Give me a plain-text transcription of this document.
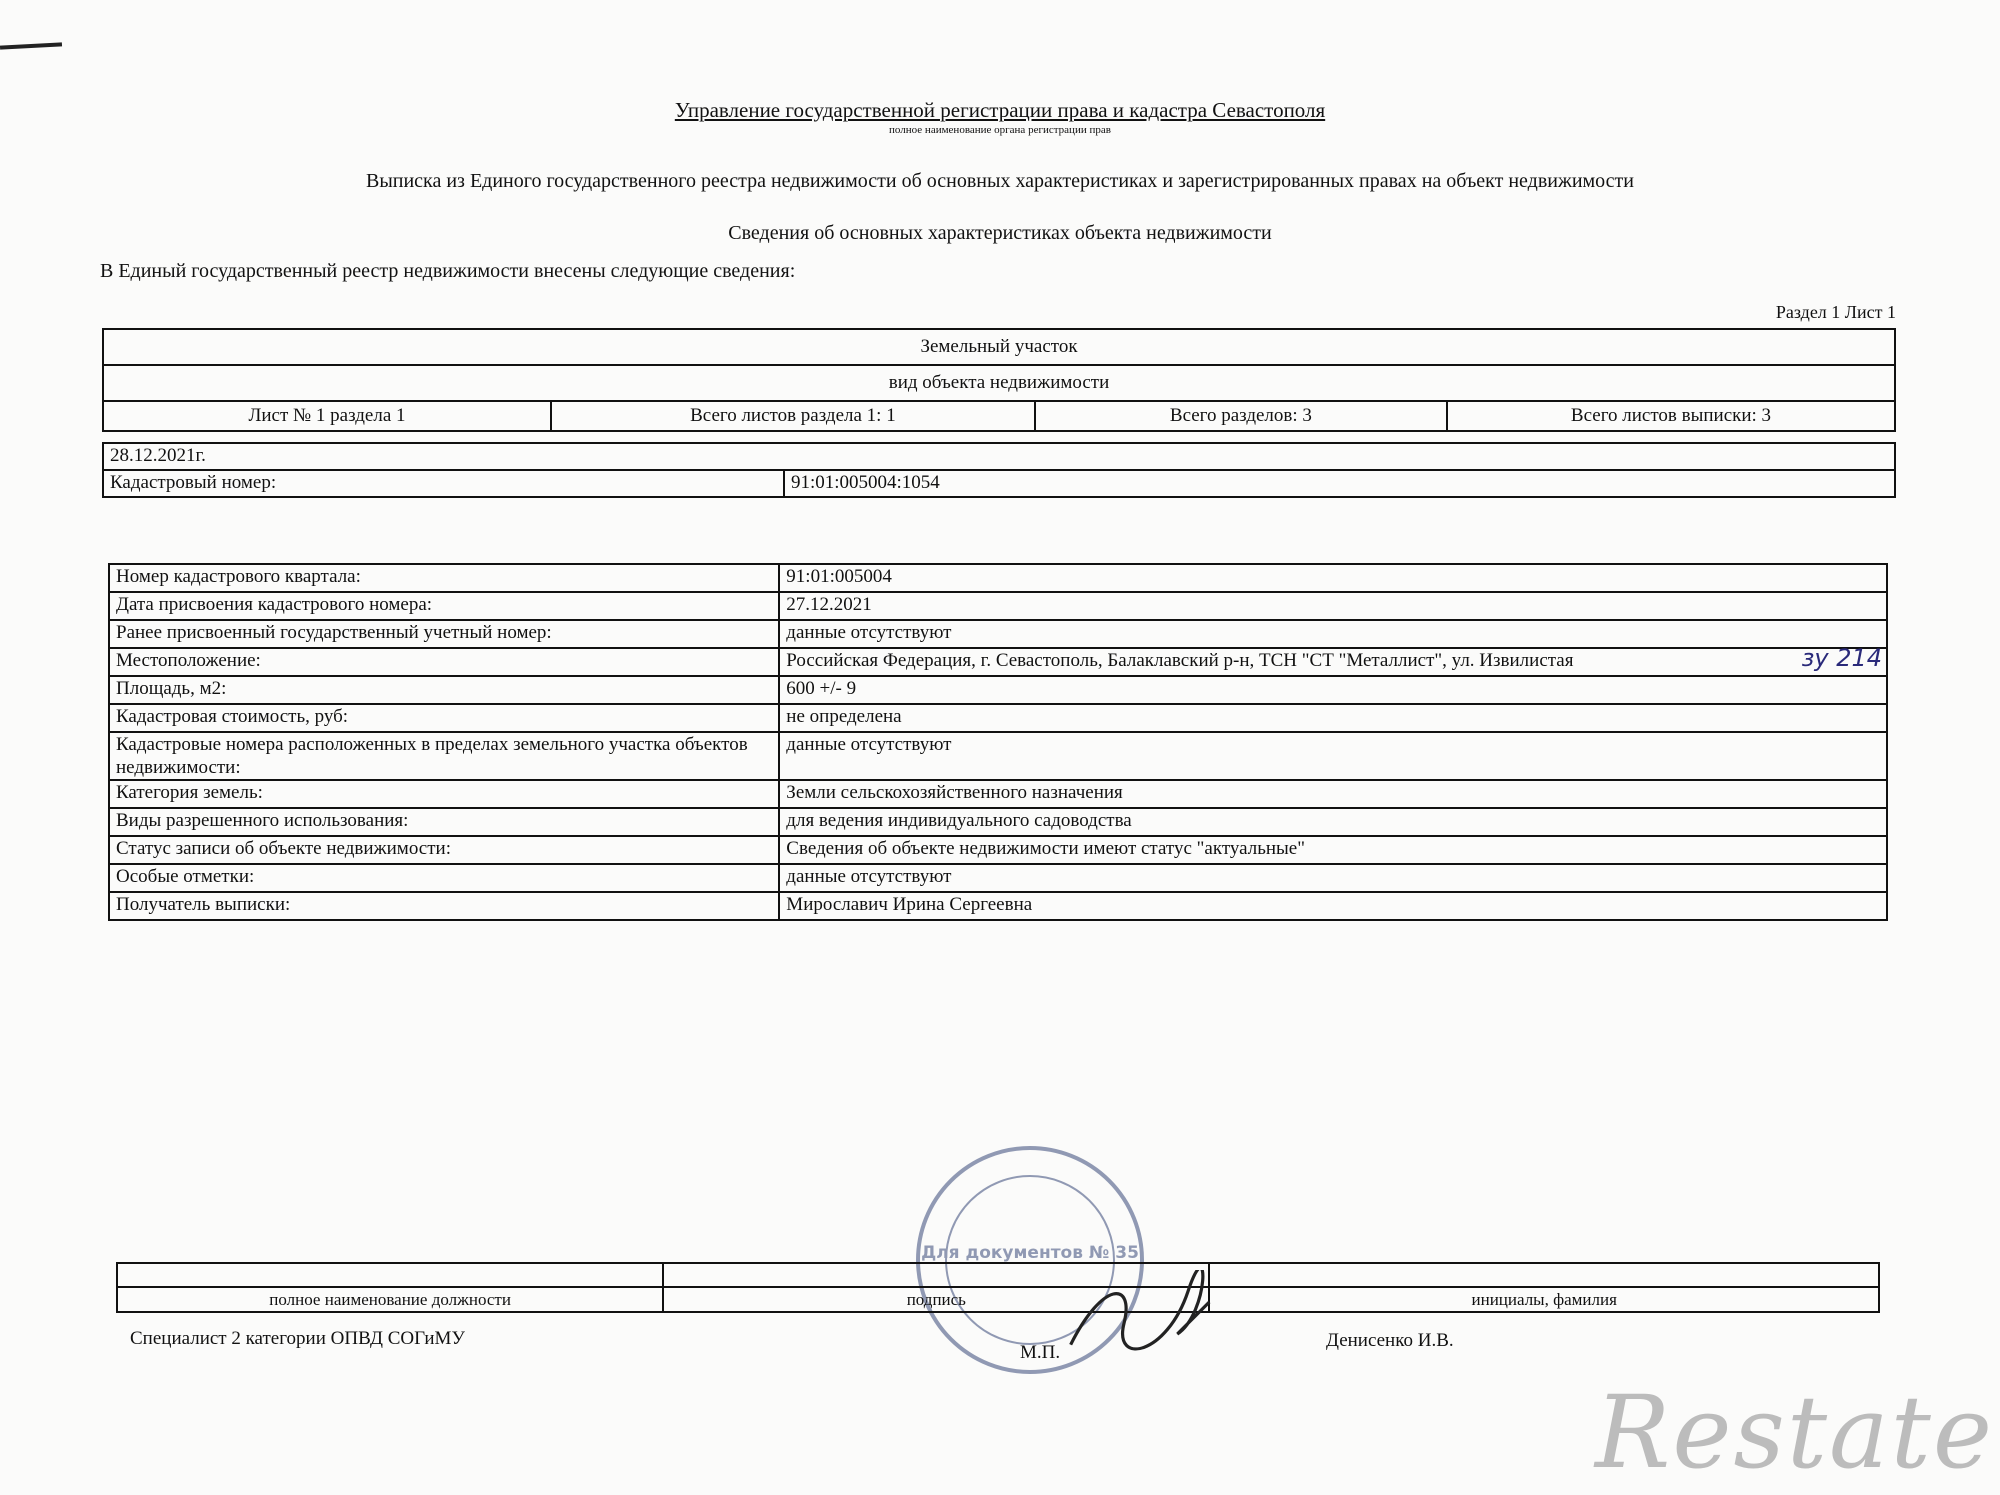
Управление государственной регистрации права и кадастра Севастополя
полное наименование органа регистрации прав
Выписка из Единого государственного реестра недвижимости об основных характеристиках и зарегистрированных правах на объект недвижимости
Сведения об основных характеристиках объекта недвижимости
В Единый государственный реестр недвижимости внесены следующие сведения:
Раздел 1 Лист 1
Земельный участок
вид объекта недвижимости
Лист № 1 раздела 1	Всего листов раздела 1: 1	Всего разделов: 3	Всего листов выписки: 3
28.12.2021г.
Кадастровый номер:	91:01:005004:1054
Номер кадастрового квартала:	91:01:005004
Дата присвоения кадастрового номера:	27.12.2021
Ранее присвоенный государственный учетный номер:	данные отсутствуют
Местоположение:	Российская Федерация, г. Севастополь, Балаклавский р-н, ТСН "СТ "Металлист", ул. Извилистая зу 214

Площадь, м2:	600 +/- 9
Кадастровая стоимость, руб:	не определена
Кадастровые номера расположенных в пределах земельного участка объектов недвижимости:	данные отсутствуют
Категория земель:	Земли сельскохозяйственного назначения
Виды разрешенного использования:	для ведения индивидуального садоводства
Статус записи об объекте недвижимости:	Сведения об объекте недвижимости имеют статус "актуальные"
Особые отметки:	данные отсутствуют
Получатель выписки:	Мирославич Ирина Сергеевна
Для документов № 35

полное наименование должности	подпись	инициалы, фамилия
Специалист 2 категории ОПВД СОГиМУ	Денисенко И.В.
М.П.
Restate
